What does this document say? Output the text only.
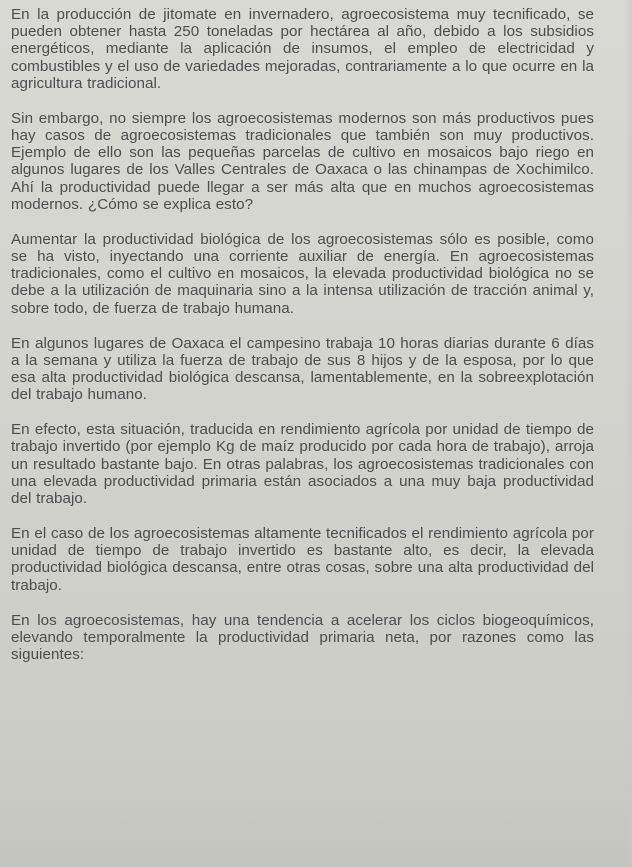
En la producción de jitomate en invernadero, agroecosistema muy tecnificado, se pueden obtener hasta 250 toneladas por hectárea al año, debido a los subsidios energéticos, mediante la aplicación de insumos, el empleo de electricidad y combustibles y el uso de variedades mejoradas, contrariamente a lo que ocurre en la agricultura tradicional.

Sin embargo, no siempre los agroecosistemas modernos son más productivos pues hay casos de agroecosistemas tradicionales que también son muy productivos. Ejemplo de ello son las pequeñas parcelas de cultivo en mosaicos bajo riego en algunos lugares de los Valles Centrales de Oaxaca o las chinampas de Xochimilco. Ahí la productividad puede llegar a ser más alta que en muchos agroecosistemas modernos. ¿Cómo se explica esto?

Aumentar la productividad biológica de los agroecosistemas sólo es posible, como se ha visto, inyectando una corriente auxiliar de energía. En agroecosistemas tradicionales, como el cultivo en mosaicos, la elevada productividad biológica no se debe a la utilización de maquinaria sino a la intensa utilización de tracción animal y, sobre todo, de fuerza de trabajo humana.

En algunos lugares de Oaxaca el campesino trabaja 10 horas diarias durante 6 días a la semana y utiliza la fuerza de trabajo de sus 8 hijos y de la esposa, por lo que esa alta productividad biológica descansa, lamentablemente, en la sobreexplotación del trabajo humano.

En efecto, esta situación, traducida en rendimiento agrícola por unidad de tiempo de trabajo invertido (por ejemplo Kg de maíz producido por cada hora de trabajo), arroja un resultado bastante bajo. En otras palabras, los agroecosistemas tradicionales con una elevada productividad primaria están asociados a una muy baja productividad del trabajo.

En el caso de los agroecosistemas altamente tecnificados el rendimiento agrícola por unidad de tiempo de trabajo invertido es bastante alto, es decir, la elevada productividad biológica descansa, entre otras cosas, sobre una alta productividad del trabajo.

En los agroecosistemas, hay una tendencia a acelerar los ciclos biogeoquímicos, elevando temporalmente la productividad primaria neta, por razones como las siguientes:
